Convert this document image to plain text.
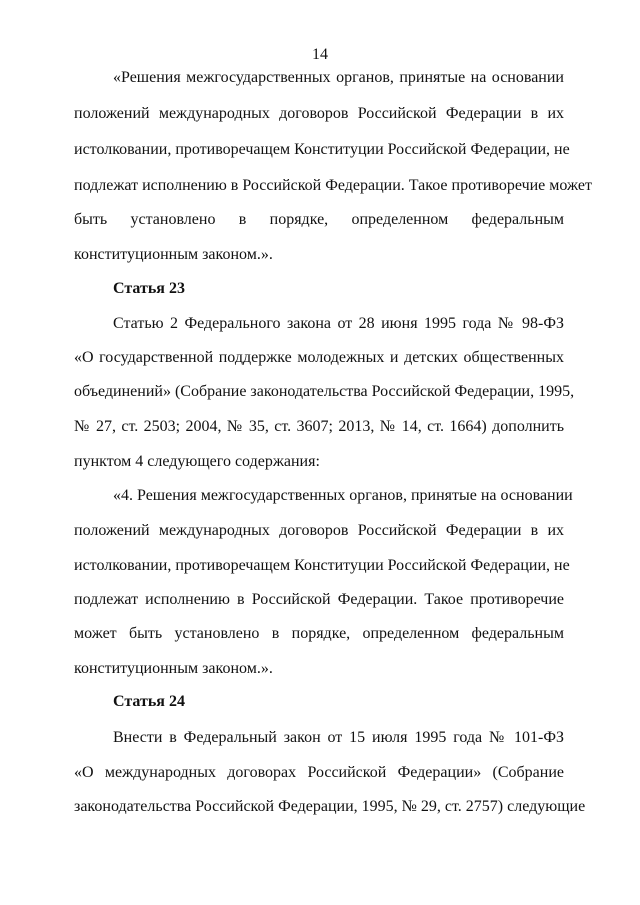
14
«Решения межгосударственных органов, принятые на основании
положений международных договоров Российской Федерации в их
истолковании, противоречащем Конституции Российской Федерации, не
подлежат исполнению в Российской Федерации. Такое противоречие может
быть установлено в порядке, определенном федеральным
конституционным законом.».
Статья 23
Статью 2 Федерального закона от 28 июня 1995 года № 98-ФЗ
«О государственной поддержке молодежных и детских общественных
объединений» (Собрание законодательства Российской Федерации, 1995,
№ 27, ст. 2503; 2004, № 35, ст. 3607; 2013, № 14, ст. 1664) дополнить
пунктом 4 следующего содержания:
«4. Решения межгосударственных органов, принятые на основании
положений международных договоров Российской Федерации в их
истолковании, противоречащем Конституции Российской Федерации, не
подлежат исполнению в Российской Федерации. Такое противоречие
может быть установлено в порядке, определенном федеральным
конституционным законом.».
Статья 24
Внести в Федеральный закон от 15 июля 1995 года № 101-ФЗ
«О международных договорах Российской Федерации» (Собрание
законодательства Российской Федерации, 1995, № 29, ст. 2757) следующие
